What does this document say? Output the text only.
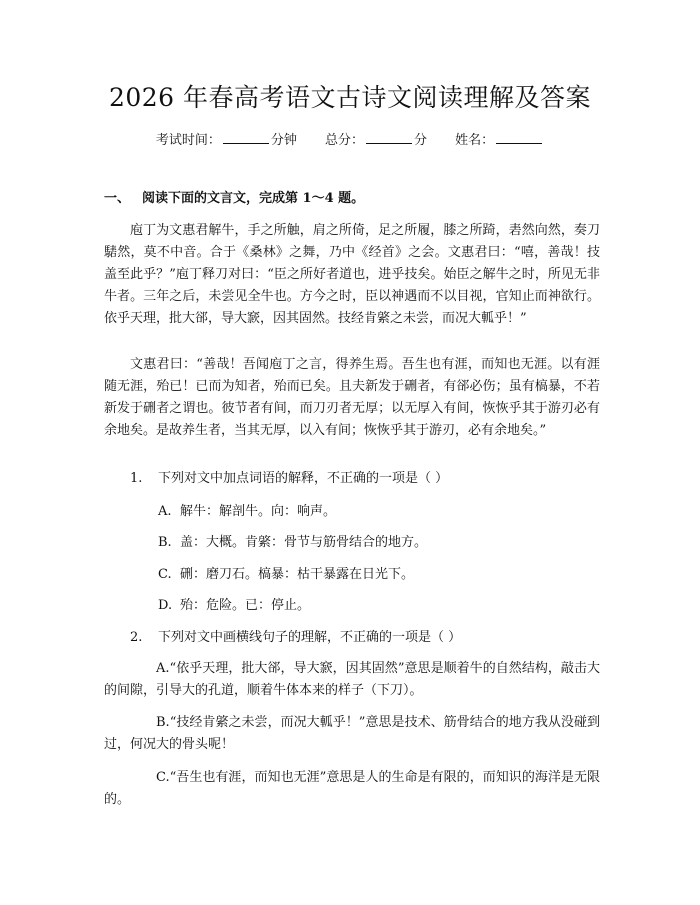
2026 年春高考语文古诗文阅读理解及答案
考试时间：	分钟 总分：	分 姓名：
一、 阅读下面的文言文，完成第 1～4 题。

庖丁为文惠君解牛，手之所触，肩之所倚，足之所履，膝之所踦，砉然向然，奏刀騞然，莫不中音。合于《桑林》之舞，乃中《经首》之会。文惠君曰：“嘻，善哉！技盖至此乎？”庖丁释刀对曰：“臣之所好者道也，进乎技矣。始臣之解牛之时，所见无非牛者。三年之后，未尝见全牛也。方今之时，臣以神遇而不以目视，官知止而神欲行。依乎天理，批大郤，导大窾，因其固然。技经肯綮之未尝，而况大軱乎！”

文惠君曰：“善哉！吾闻庖丁之言，得养生焉。吾生也有涯，而知也无涯。以有涯随无涯，殆已！已而为知者，殆而已矣。且夫新发于硎者，有郤必伤；虽有槁暴，不若新发于硎者之谓也。彼节者有间，而刀刃者无厚；以无厚入有间，恢恢乎其于游刃必有余地矣。是故养生者，当其无厚，以入有间；恢恢乎其于游刃，必有余地矣。”

1. 下列对文中加点词语的解释，不正确的一项是（ ）
A. 解牛：解剖牛。向：响声。
B. 盖：大概。肯綮：骨节与筋骨结合的地方。
C. 硎：磨刀石。槁暴：枯干暴露在日光下。
D. 殆：危险。已：停止。
2. 下列对文中画横线句子的理解，不正确的一项是（ ）

A.“依乎天理，批大郤，导大窾，因其固然”意思是顺着牛的自然结构，敲击大的间隙，引导大的孔道，顺着牛体本来的样子（下刀）。

B.“技经肯綮之未尝，而况大軱乎！”意思是技术、筋骨结合的地方我从没碰到过，何况大的骨头呢！

C.“吾生也有涯，而知也无涯”意思是人的生命是有限的，而知识的海洋是无限的。
